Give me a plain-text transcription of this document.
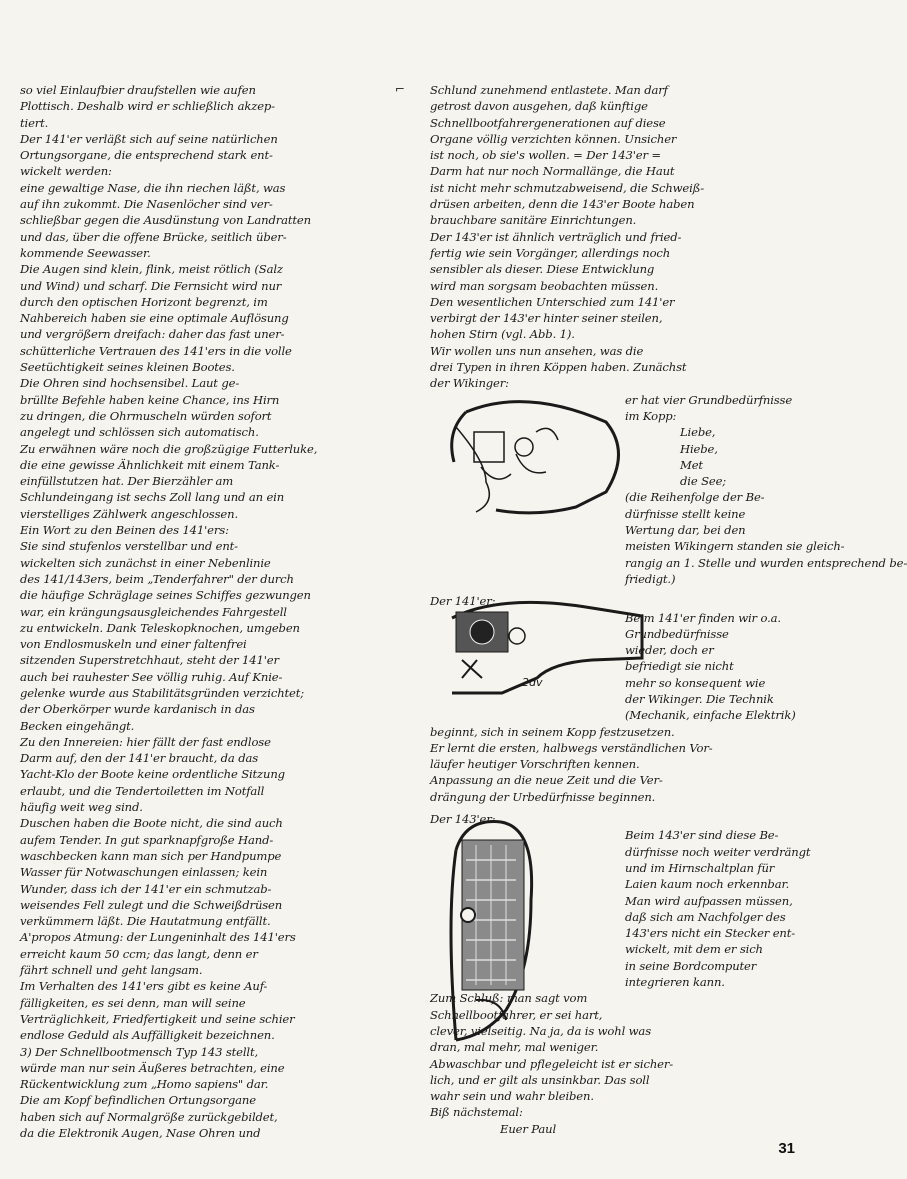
⌐
so viel Einlaufbier draufstellen wie aufen
Plottisch. Deshalb wird er schließlich akzep-
tiert.
Der 141'er verläßt sich auf seine natürlichen
Ortungsorgane, die entsprechend stark ent-
wickelt werden:
eine gewaltige Nase, die ihn riechen läßt, was
auf ihn zukommt. Die Nasenlöcher sind ver-
schließbar gegen die Ausdünstung von Landratten
und das, über die offene Brücke, seitlich über-
kommende Seewasser.
Die Augen sind klein, flink, meist rötlich (Salz
und Wind) und scharf. Die Fernsicht wird nur
durch den optischen Horizont begrenzt, im
Nahbereich haben sie eine optimale Auflösung
und vergrößern dreifach: daher das fast uner-
schütterliche Vertrauen des 141'ers in die volle
Seetüchtigkeit seines kleinen Bootes.
Die Ohren sind hochsensibel. Laut ge-
brüllte Befehle haben keine Chance, ins Hirn
zu dringen, die Ohrmuscheln würden sofort
angelegt und schlössen sich automatisch.
Zu erwähnen wäre noch die großzügige Futterluke,
die eine gewisse Ähnlichkeit mit einem Tank-
einfüllstutzen hat. Der Bierzähler am
Schlundeingang ist sechs Zoll lang und an ein
vierstelliges Zählwerk angeschlossen.
Ein Wort zu den Beinen des 141'ers:
Sie sind stufenlos verstellbar und ent-
wickelten sich zunächst in einer Nebenlinie
des 141/143ers, beim „Tenderfahrer" der durch
die häufige Schräglage seines Schiffes gezwungen
war, ein krängungsausgleichendes Fahrgestell
zu entwickeln. Dank Teleskopknochen, umgeben
von Endlosmuskeln und einer faltenfrei
sitzenden Superstretchhaut, steht der 141'er
auch bei rauhester See völlig ruhig. Auf Knie-
gelenke wurde aus Stabilitätsgründen verzichtet;
der Oberkörper wurde kardanisch in das
Becken eingehängt.
Zu den Innereien: hier fällt der fast endlose
Darm auf, den der 141'er braucht, da das
Yacht-Klo der Boote keine ordentliche Sitzung
erlaubt, und die Tendertoiletten im Notfall
häufig weit weg sind.
Duschen haben die Boote nicht, die sind auch
aufem Tender. In gut sparknapfgroße Hand-
waschbecken kann man sich per Handpumpe
Wasser für Notwaschungen einlassen; kein
Wunder, dass ich der 141'er ein schmutzab-
weisendes Fell zulegt und die Schweißdrüsen
verkümmern läßt. Die Hautatmung entfällt.
A'propos Atmung: der Lungeninhalt des 141'ers
erreicht kaum 50 ccm; das langt, denn er
fährt schnell und geht langsam.
Im Verhalten des 141'ers gibt es keine Auf-
fälligkeiten, es sei denn, man will seine
Verträglichkeit, Friedfertigkeit und seine schier
endlose Geduld als Auffälligkeit bezeichnen.
3) Der Schnellbootmensch Typ 143 stellt,
würde man nur sein Äußeres betrachten, eine
Rückentwicklung zum „Homo sapiens" dar.
Die am Kopf befindlichen Ortungsorgane
haben sich auf Normalgröße zurückgebildet,
da die Elektronik Augen, Nase Ohren und
Schlund zunehmend entlastete. Man darf
getrost davon ausgehen, daß künftige
Schnellbootfahrergenerationen auf diese
Organe völlig verzichten können. Unsicher
ist noch, ob sie's wollen. = Der 143'er =
Darm hat nur noch Normallänge, die Haut
ist nicht mehr schmutzabweisend, die Schweiß-
drüsen arbeiten, denn die 143'er Boote haben
brauchbare sanitäre Einrichtungen.
Der 143'er ist ähnlich verträglich und fried-
fertig wie sein Vorgänger, allerdings noch
sensibler als dieser. Diese Entwicklung
wird man sorgsam beobachten müssen.
Den wesentlichen Unterschied zum 141'er
verbirgt der 143'er hinter seiner steilen,
hohen Stirn (vgl. Abb. 1).
Wir wollen uns nun ansehen, was die
drei Typen in ihren Köppen haben. Zunächst
der Wikinger:
er hat vier Grundbedürfnisse
im Kopp:
Liebe,
Hiebe,
Met
die See;
(die Reihenfolge der Be-
dürfnisse stellt keine
Wertung dar, bei den
meisten Wikingern standen sie gleich-
rangig an 1. Stelle und wurden entsprechend be-
friedigt.)
Der 141'er:
Beim 141'er finden wir o.a.
Grundbedürfnisse
wieder, doch er
befriedigt sie nicht
mehr so konsequent wie
der Wikinger. Die Technik
(Mechanik, einfache Elektrik)
beginnt, sich in seinem Kopp festzusetzen.
Er lernt die ersten, halbwegs verständlichen Vor-
läufer heutiger Vorschriften kennen.
Anpassung an die neue Zeit und die Ver-
drängung der Urbedürfnisse beginnen.
Der 143'er:
Beim 143'er sind diese Be-
dürfnisse noch weiter verdrängt
und im Hirnschaltplan für
Laien kaum noch erkennbar.
Man wird aufpassen müssen,
daß sich am Nachfolger des
143'ers nicht ein Stecker ent-
wickelt, mit dem er sich
in seine Bordcomputer
integrieren kann.
Zum Schluß: man sagt vom
Schnellbootfahrer, er sei hart,
clever, vielseitig. Na ja, da is wohl was
dran, mal mehr, mal weniger.
Abwaschbar und pflegeleicht ist er sicher-
lich, und er gilt als unsinkbar. Das soll
wahr sein und wahr bleiben.
Biß nächstemal:
Euer Paul
2dv
31
